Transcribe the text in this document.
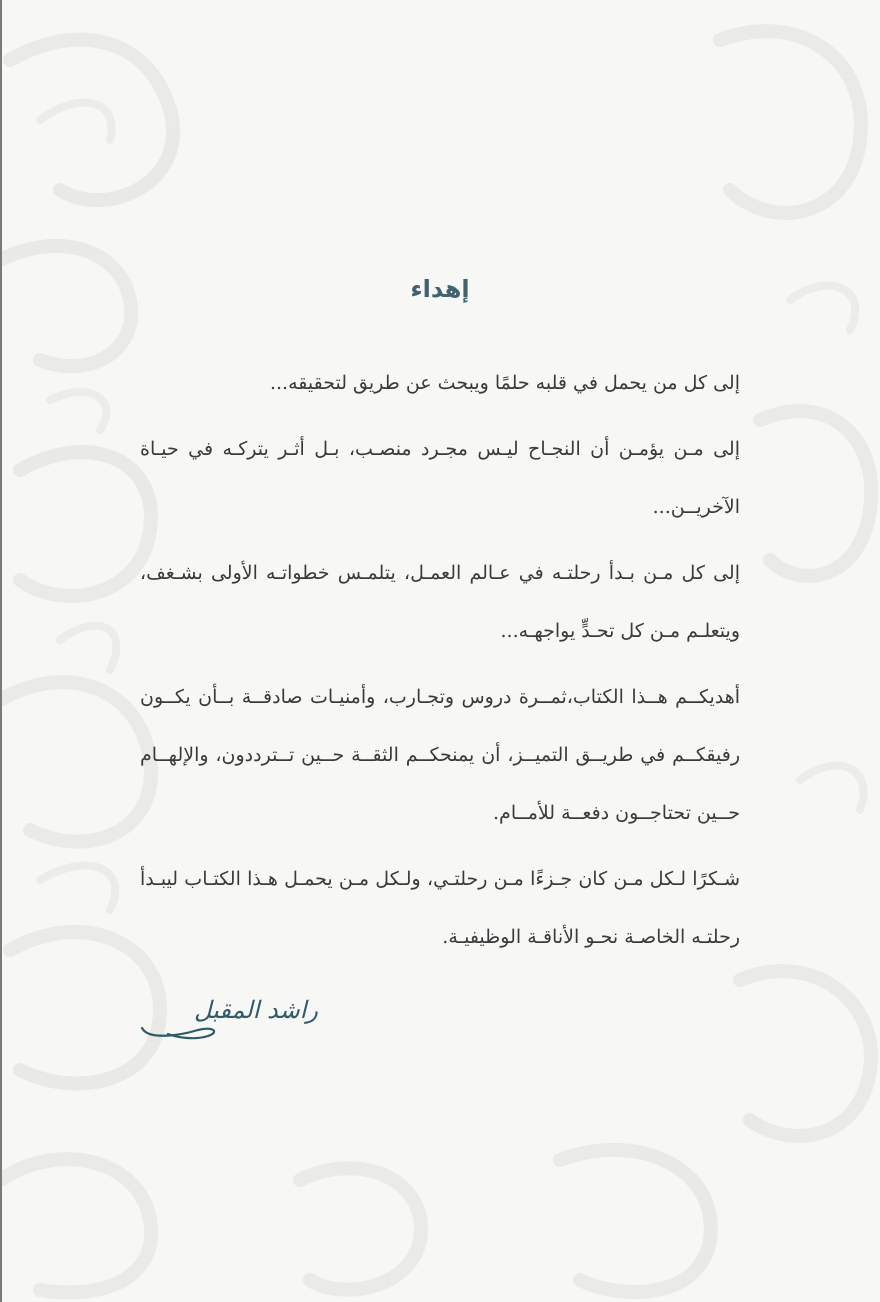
إهداء

إلى كل من يحمل في قلبه حلمًا ويبحث عن طريق لتحقيقه...

إلى مـن يؤمـن أن النجـاح ليـس مجـرد منصـب، بـل أثـر يتركـه في حيـاة الآخريــن...

إلى كل مـن بـدأ رحلتـه في عـالم العمـل، يتلمـس خطواتـه الأولى بشـغف، ويتعلـم مـن كل تحـدٍّ يواجهـه...

أهديكــم هــذا الكتاب،ثمــرة دروس وتجـارب، وأمنيـات صادقــة بــأن يكــون رفيقكــم في طريــق التميــز، أن يمنحكــم الثقــة حــين تــترددون، والإلهــام حــين تحتاجــون دفعــة للأمــام.

شـكرًا لـكل مـن كان جـزءًا مـن رحلتـي، ولـكل مـن يحمـل هـذا الكتـاب ليبـدأ رحلتـه الخاصـة نحـو الأناقـة الوظيفيـة.

راشد المقبل
